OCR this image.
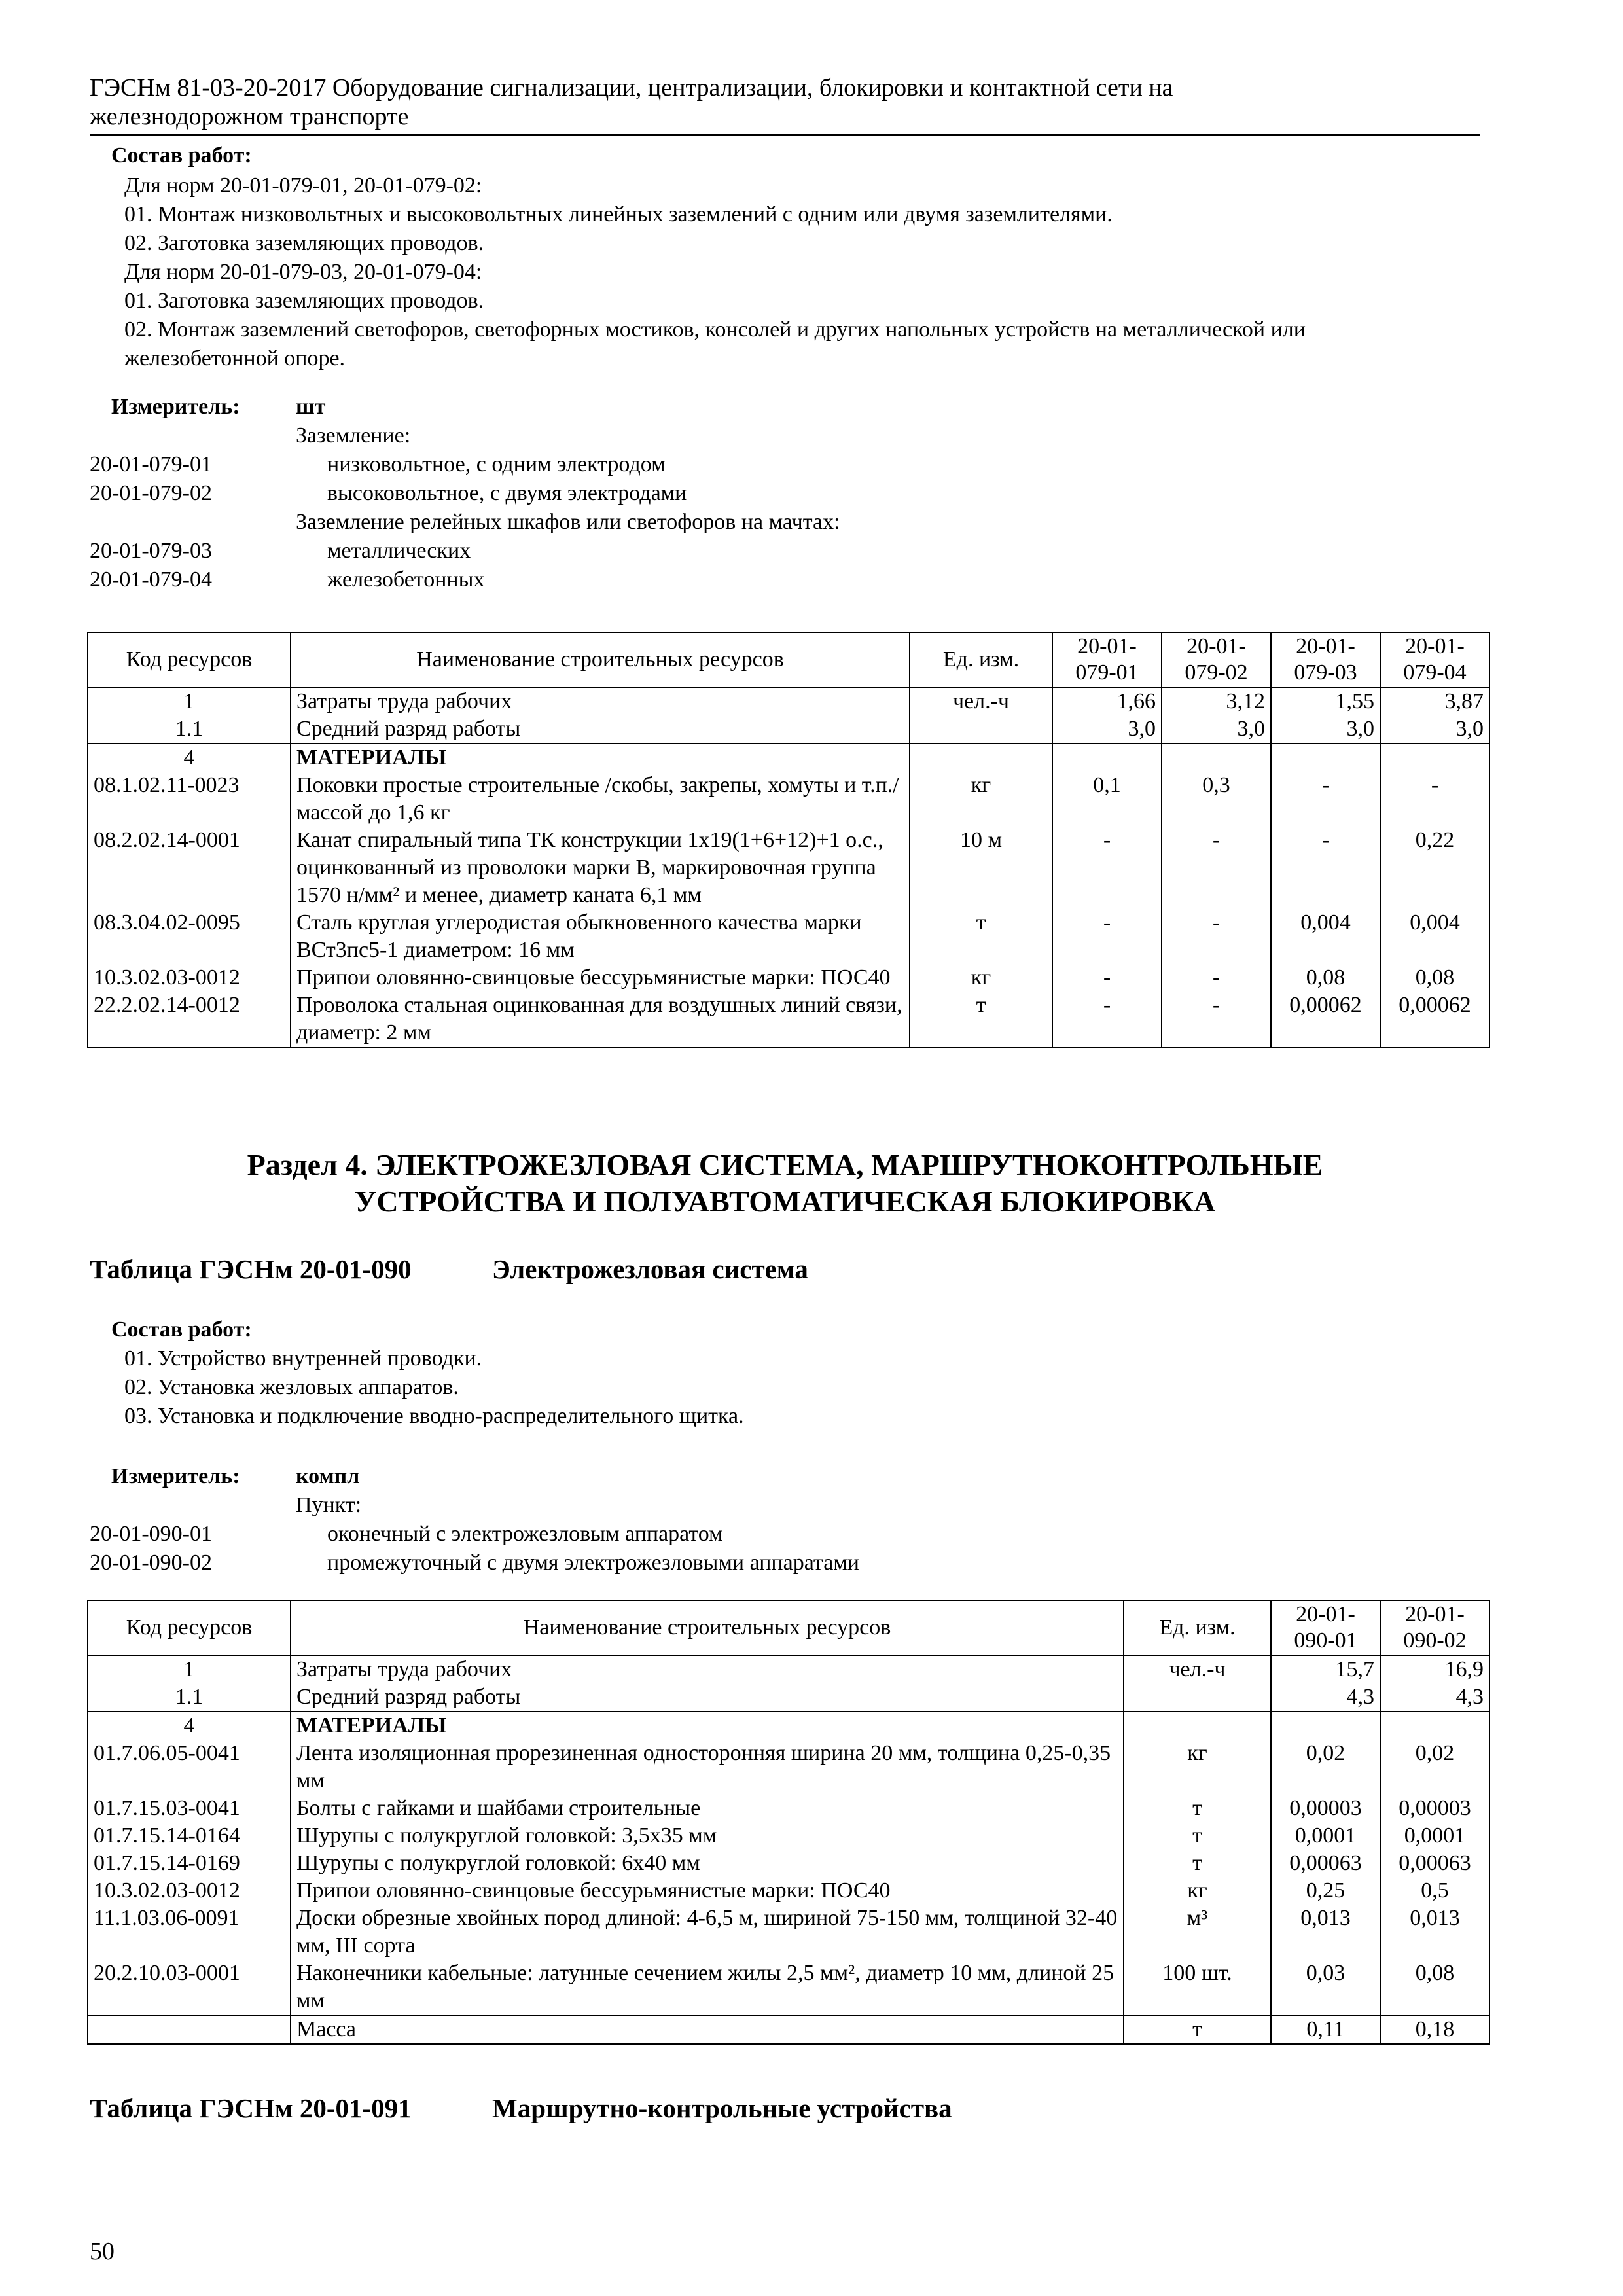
ГЭСНм 81-03-20-2017 Оборудование сигнализации, централизации, блокировки и контактной сети на
железнодорожном транспорте
Состав работ:
Для норм 20-01-079-01, 20-01-079-02:
01. Монтаж низковольтных и высоковольтных линейных заземлений с одним или двумя заземлителями.
02. Заготовка заземляющих проводов.
Для норм 20-01-079-03, 20-01-079-04:
01. Заготовка заземляющих проводов.
02. Монтаж заземлений светофоров, светофорных мостиков, консолей и других напольных устройств на металлической или
железобетонной опоре.
Измеритель:	шт
Заземление:
20-01-079-01	низковольтное, с одним электродом
20-01-079-02	высоковольтное, с двумя электродами
Заземление релейных шкафов или светофоров на мачтах:
20-01-079-03	металлических
20-01-079-04	железобетонных
Код ресурсов	Наименование строительных ресурсов	Ед. изм.	20-01-079-01	20-01-079-02	20-01-079-03	20-01-079-04
1	Затраты труда рабочих	чел.-ч	1,66	3,12	1,55	3,87
1.1	Средний разряд работы		3,0	3,0	3,0	3,0
4	МАТЕРИАЛЫ					
08.1.02.11-0023	Поковки простые строительные /скобы, закрепы, хомуты и т.п./ массой до 1,6 кг	кг	0,1	0,3	-	-
08.2.02.14-0001	Канат спиральный типа ТК конструкции 1х19(1+6+12)+1 о.с., оцинкованный из проволоки марки В, маркировочная группа 1570 н/мм² и менее, диаметр каната 6,1 мм	10 м	-	-	-	0,22
08.3.04.02-0095	Сталь круглая углеродистая обыкновенного качества марки ВСт3пс5-1 диаметром: 16 мм	т	-	-	0,004	0,004
10.3.02.03-0012	Припои оловянно-свинцовые бессурьмянистые марки: ПОС40	кг	-	-	0,08	0,08
22.2.02.14-0012	Проволока стальная оцинкованная для воздушных линий связи, диаметр: 2 мм	т	-	-	0,00062	0,00062
Раздел 4. ЭЛЕКТРОЖЕЗЛОВАЯ СИСТЕМА, МАРШРУТНОКОНТРОЛЬНЫЕ
УСТРОЙСТВА И ПОЛУАВТОМАТИЧЕСКАЯ БЛОКИРОВКА
Таблица ГЭСНм 20-01-090	Электрожезловая система
Состав работ:
01. Устройство внутренней проводки.
02. Установка жезловых аппаратов.
03. Установка и подключение вводно-распределительного щитка.
Измеритель:	компл
Пункт:
20-01-090-01	оконечный с электрожезловым аппаратом
20-01-090-02	промежуточный с двумя электрожезловыми аппаратами
Код ресурсов	Наименование строительных ресурсов	Ед. изм.	20-01-090-01	20-01-090-02
1	Затраты труда рабочих	чел.-ч	15,7	16,9
1.1	Средний разряд работы		4,3	4,3
4	МАТЕРИАЛЫ			
01.7.06.05-0041	Лента изоляционная прорезиненная односторонняя ширина 20 мм, толщина 0,25-0,35 мм	кг	0,02	0,02
01.7.15.03-0041	Болты с гайками и шайбами строительные	т	0,00003	0,00003
01.7.15.14-0164	Шурупы с полукруглой головкой: 3,5х35 мм	т	0,0001	0,0001
01.7.15.14-0169	Шурупы с полукруглой головкой: 6х40 мм	т	0,00063	0,00063
10.3.02.03-0012	Припои оловянно-свинцовые бессурьмянистые марки: ПОС40	кг	0,25	0,5
11.1.03.06-0091	Доски обрезные хвойных пород длиной: 4-6,5 м, шириной 75-150 мм, толщиной 32-40 мм, III сорта	м³	0,013	0,013
20.2.10.03-0001	Наконечники кабельные: латунные сечением жилы 2,5 мм², диаметр 10 мм, длиной 25 мм	100 шт.	0,03	0,08
	Масса	т	0,11	0,18
Таблица ГЭСНм 20-01-091	Маршрутно-контрольные устройства
50
